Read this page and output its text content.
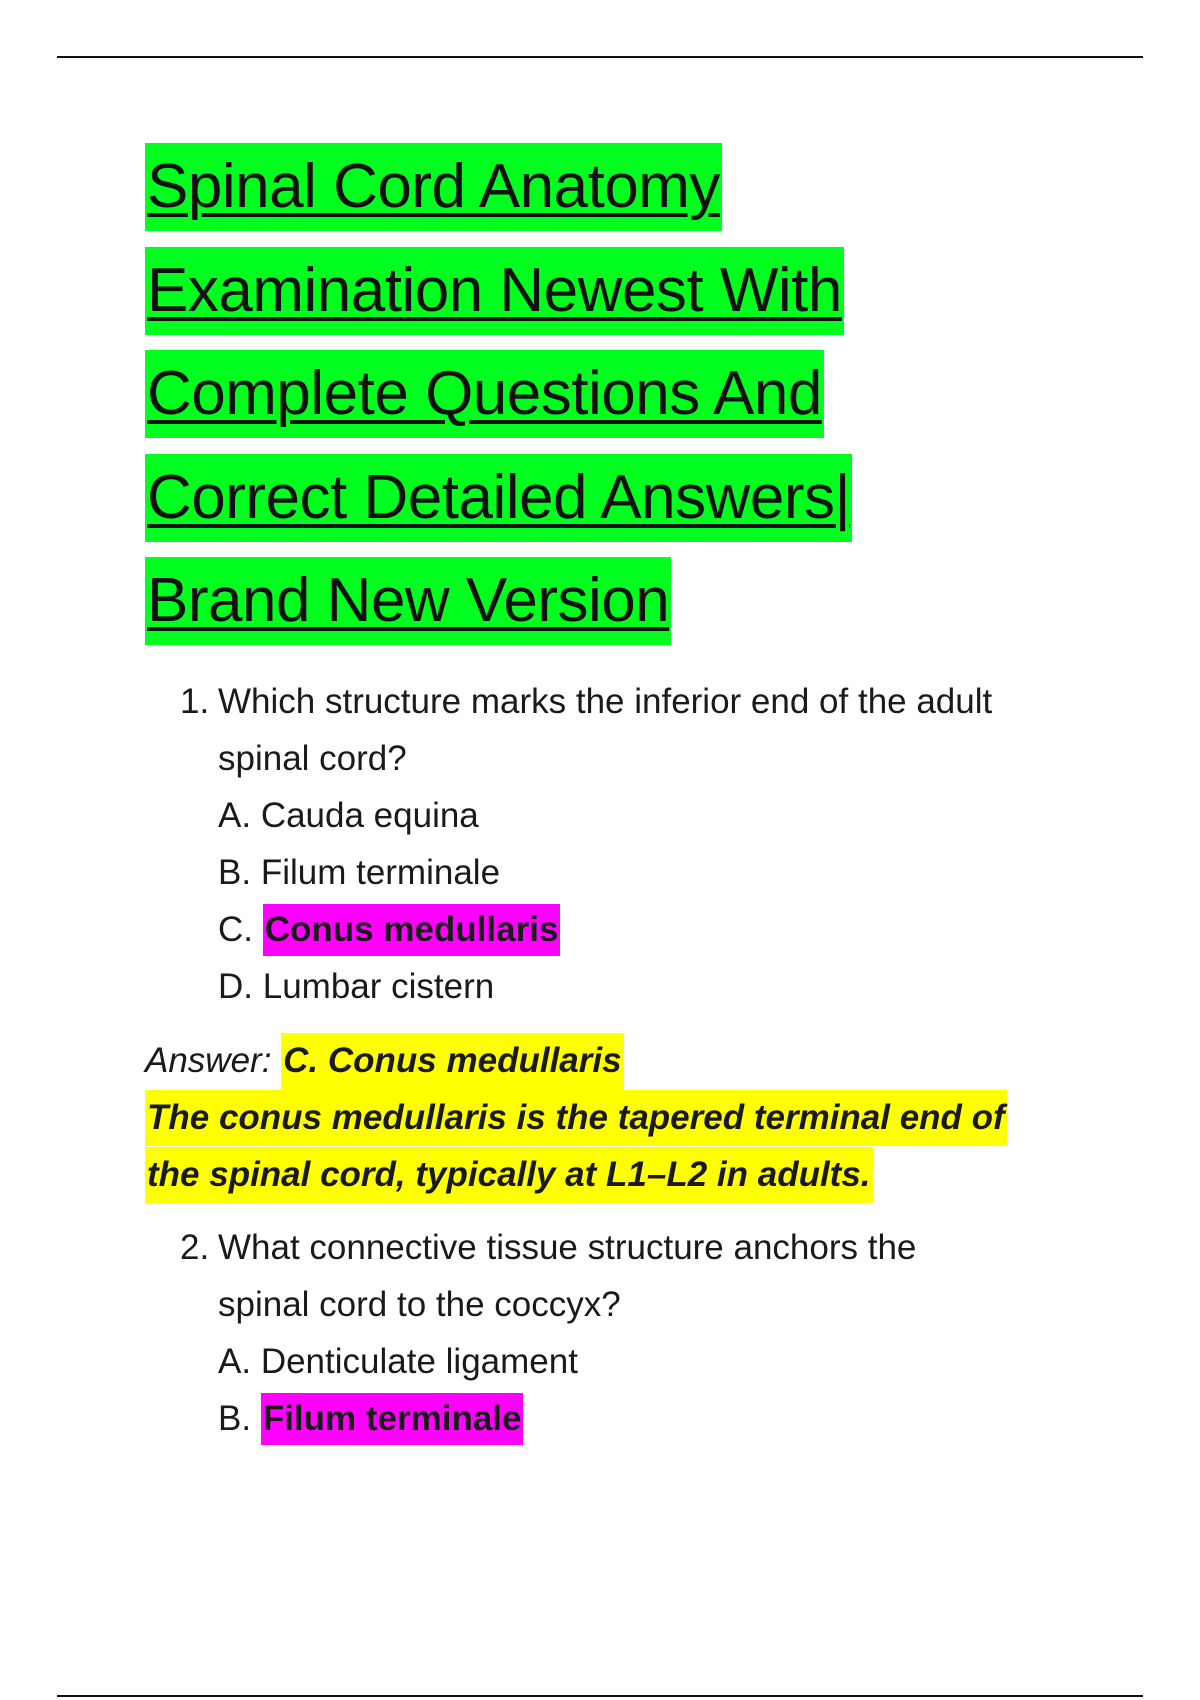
Spinal Cord Anatomy
Examination Newest With
Complete Questions And
Correct Detailed Answers|
Brand New Version
1. Which structure marks the inferior end of the adult
spinal cord?
A. Cauda equina
B. Filum terminale
C. Conus medullaris
D. Lumbar cistern
Answer: C. Conus medullaris
The conus medullaris is the tapered terminal end of
the spinal cord, typically at L1–L2 in adults.
2. What connective tissue structure anchors the
spinal cord to the coccyx?
A. Denticulate ligament
B. Filum terminale
